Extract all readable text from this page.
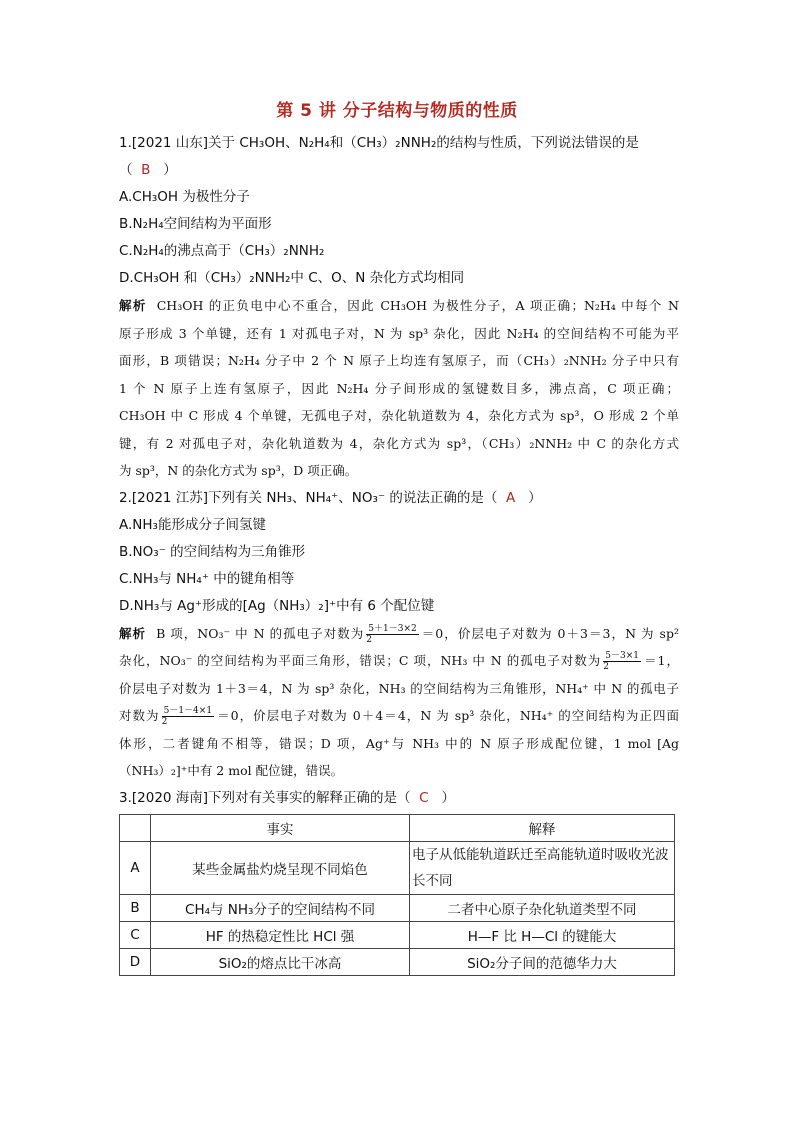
第 5 讲 分子结构与物质的性质
1.[2021 山东]关于 CH₃OH、N₂H₄和（CH₃）₂NNH₂的结构与性质，下列说法错误的是
（ B ）
A.CH₃OH 为极性分子
B.N₂H₄空间结构为平面形
C.N₂H₄的沸点高于（CH₃）₂NNH₂
D.CH₃OH 和（CH₃）₂NNH₂中 C、O、N 杂化方式均相同
解析 CH₃OH 的正负电中心不重合，因此 CH₃OH 为极性分子，A 项正确；N₂H₄ 中每个 N
原子形成 3 个单键，还有 1 对孤电子对，N 为 sp³ 杂化，因此 N₂H₄ 的空间结构不可能为平
面形，B 项错误；N₂H₄ 分子中 2 个 N 原子上均连有氢原子，而（CH₃）₂NNH₂ 分子中只有
1 个 N 原子上连有氢原子，因此 N₂H₄ 分子间形成的氢键数目多，沸点高，C 项正确；
CH₃OH 中 C 形成 4 个单键，无孤电子对，杂化轨道数为 4，杂化方式为 sp³，O 形成 2 个单
键，有 2 对孤电子对，杂化轨道数为 4，杂化方式为 sp³，（CH₃）₂NNH₂ 中 C 的杂化方式
为 sp³，N 的杂化方式为 sp³，D 项正确。
2.[2021 江苏]下列有关 NH₃、NH₄⁺、NO₃⁻ 的说法正确的是（ A ）
A.NH₃能形成分子间氢键
B.NO₃⁻ 的空间结构为三角锥形
C.NH₃与 NH₄⁺ 中的键角相等
D.NH₃与 Ag⁺形成的[Ag（NH₃）₂]⁺中有 6 个配位键
解析 B 项，NO₃⁻ 中 N 的孤电子对数为 $\frac{5+1-3\times 2}{2} =0$，价层电子对数为 0＋3＝3，N 为 sp²
杂化，NO₃⁻ 的空间结构为平面三角形，错误；C 项，NH₃ 中 N 的孤电子对数为 $\frac{5-3\times 1}{2} =1$，
价层电子对数为 1＋3＝4，N 为 sp³ 杂化，NH₃ 的空间结构为三角锥形，NH₄⁺ 中 N 的孤电子
对数为 $\frac{5-1-4\times 1}{2} =0$，价层电子对数为 0＋4＝4，N 为 sp³ 杂化，NH₄⁺ 的空间结构为正四面
体形，二者键角不相等，错误；D 项，Ag⁺与 NH₃ 中的 N 原子形成配位键，1 mol [Ag
（NH₃）₂]⁺中有 2 mol 配位键，错误。
3.[2020 海南]下列对有关事实的解释正确的是（ C ）
	事实	解释
A	某些金属盐灼烧呈现不同焰色	电子从低能轨道跃迁至高能轨道时吸收光波长不同
B	CH₄与 NH₃分子的空间结构不同	二者中心原子杂化轨道类型不同
C	HF 的热稳定性比 HCl 强	H—F 比 H—Cl 的键能大
D	SiO₂的熔点比干冰高	SiO₂分子间的范德华力大
